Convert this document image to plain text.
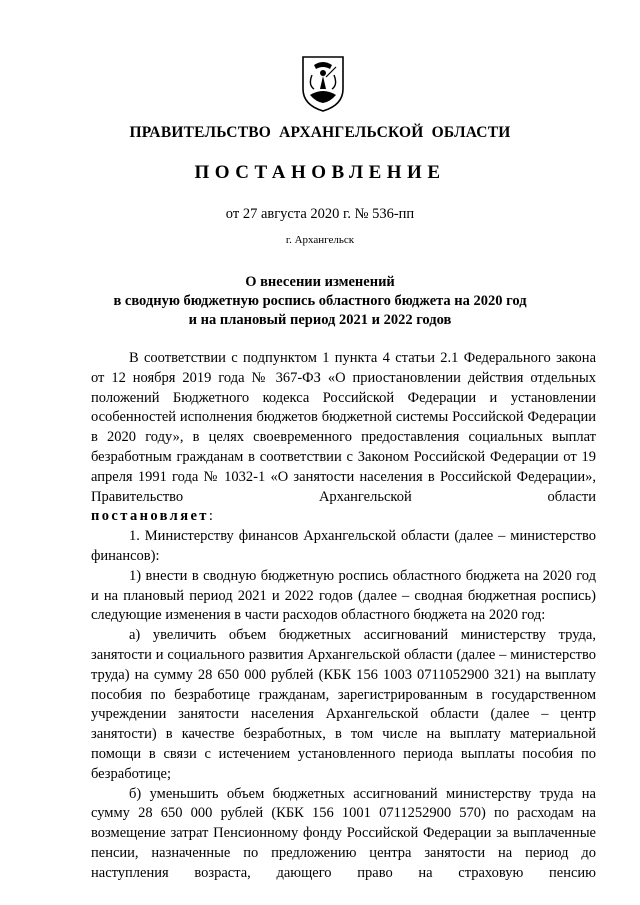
ПРАВИТЕЛЬСТВО АРХАНГЕЛЬСКОЙ ОБЛАСТИ
ПОСТАНОВЛЕНИЕ
от 27 августа 2020 г. № 536-пп
г. Архангельск
О внесении изменений
в сводную бюджетную роспись областного бюджета на 2020 год
и на плановый период 2021 и 2022 годов

В соответствии с подпунктом 1 пункта 4 статьи 2.1 Федерального закона от 12 ноября 2019 года № 367-ФЗ «О приостановлении действия отдельных положений Бюджетного кодекса Российской Федерации и установлении особенностей исполнения бюджетов бюджетной системы Российской Федерации в 2020 году», в целях своевременного предоставления социальных выплат безработным гражданам в соответствии с Законом Российской Федерации от 19 апреля 1991 года № 1032-1 «О занятости населения в Российской Федерации», Правительство Архангельской области

постановляет:

1. Министерству финансов Архангельской области (далее – министерство финансов):

1) внести в сводную бюджетную роспись областного бюджета на 2020 год и на плановый период 2021 и 2022 годов (далее – сводная бюджетная роспись) следующие изменения в части расходов областного бюджета на 2020 год:

а) увеличить объем бюджетных ассигнований министерству труда, занятости и социального развития Архангельской области (далее – министерство труда) на сумму 28 650 000 рублей (КБК 156 1003 0711052900 321) на выплату пособия по безработице гражданам, зарегистрированным в государственном учреждении занятости населения Архангельской области (далее – центр занятости) в качестве безработных, в том числе на выплату материальной помощи в связи с истечением установленного периода выплаты пособия по безработице;

б) уменьшить объем бюджетных ассигнований министерству труда на сумму 28 650 000 рублей (КБК 156 1001 0711252900 570) по расходам на возмещение затрат Пенсионному фонду Российской Федерации за выплаченные пенсии, назначенные по предложению центра занятости на период до наступления возраста, дающего право на страховую пенсию
